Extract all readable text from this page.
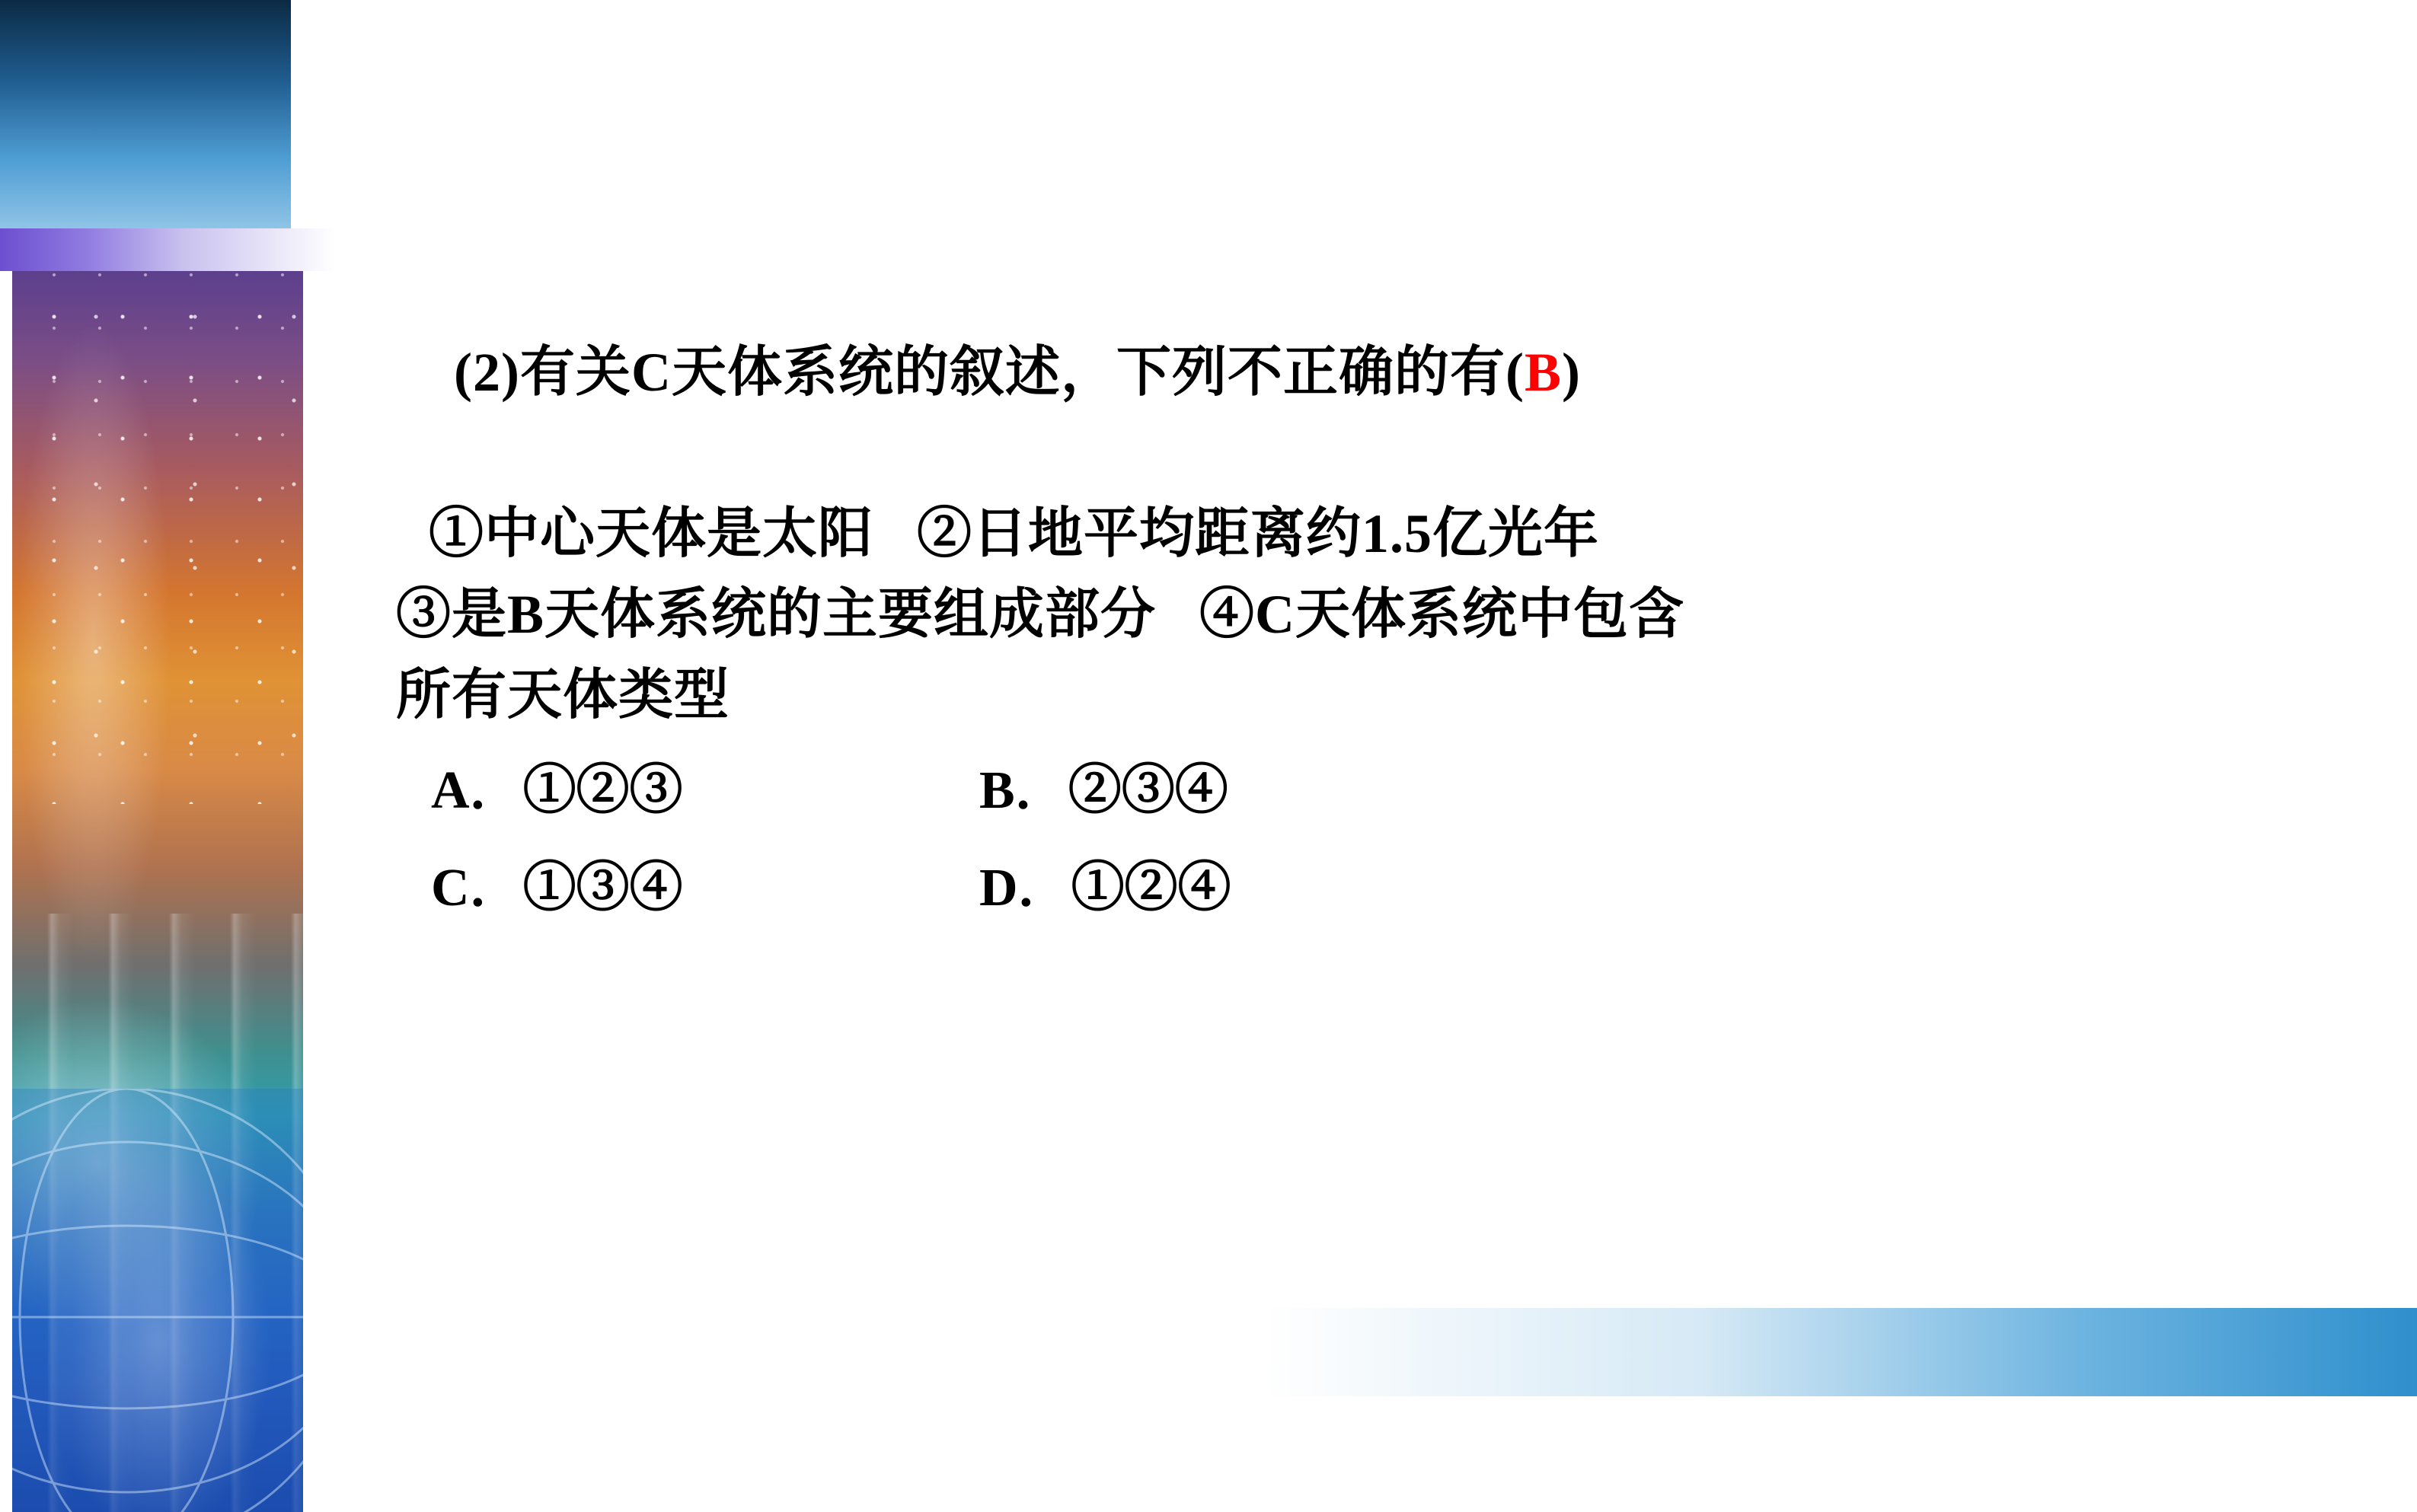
(2)有关C天体系统的叙述，下列不正确的有(B)

①中心天体是太阳   ②日地平均距离约1.5亿光年
③是B天体系统的主要组成部分   ④C天体系统中包含
所有天体类型
A．①②③	B．②③④
C．①③④	D．①②④
